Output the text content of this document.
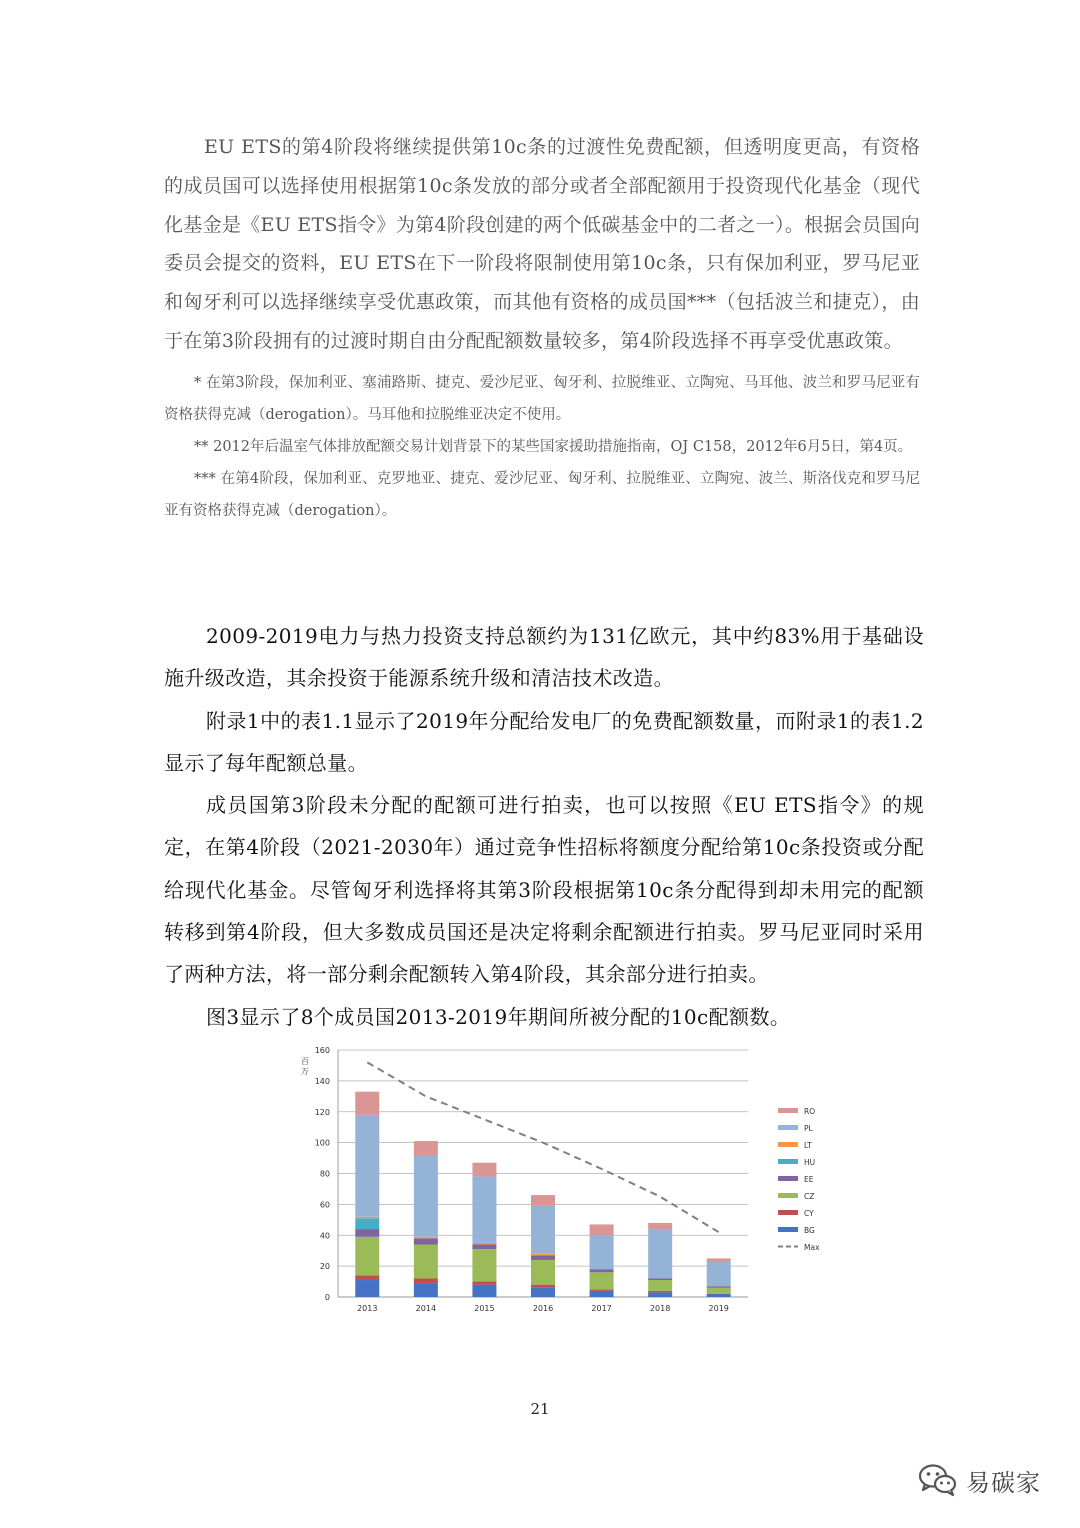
EU ETS的第4阶段将继续提供第10c条的过渡性免费配额，但透明度更高，有资格的成员国可以选择使用根据第10c条发放的部分或者全部配额用于投资现代化基金（现代化基金是《EU ETS指令》为第4阶段创建的两个低碳基金中的二者之一）。根据会员国向委员会提交的资料，EU ETS在下一阶段将限制使用第10c条，只有保加利亚，罗马尼亚和匈牙利可以选择继续享受优惠政策，而其他有资格的成员国***（包括波兰和捷克），由于在第3阶段拥有的过渡时期自由分配配额数量较多，第4阶段选择不再享受优惠政策。

* 在第3阶段，保加利亚、塞浦路斯、捷克、爱沙尼亚、匈牙利、拉脱维亚、立陶宛、马耳他、波兰和罗马尼亚有资格获得克减（derogation）。马耳他和拉脱维亚决定不使用。

** 2012年后温室气体排放配额交易计划背景下的某些国家援助措施指南，OJ C158，2012年6月5日，第4页。

*** 在第4阶段，保加利亚、克罗地亚、捷克、爱沙尼亚、匈牙利、拉脱维亚、立陶宛、波兰、斯洛伐克和罗马尼亚有资格获得克减（derogation）。

2009-2019电力与热力投资支持总额约为131亿欧元，其中约83%用于基础设施升级改造，其余投资于能源系统升级和清洁技术改造。

附录1中的表1.1显示了2019年分配给发电厂的免费配额数量，而附录1的表1.2显示了每年配额总量。

成员国第3阶段未分配的配额可进行拍卖，也可以按照《EU ETS指令》的规定，在第4阶段（2021-2030年）通过竞争性招标将额度分配给第10c条投资或分配给现代化基金。尽管匈牙利选择将其第3阶段根据第10c条分配得到却未用完的配额转移到第4阶段，但大多数成员国还是决定将剩余配额进行拍卖。罗马尼亚同时采用了两种方法，将一部分剩余配额转入第4阶段，其余部分进行拍卖。

图3显示了8个成员国2013-2019年期间所被分配的10c配额数。

0
20
40
60
80
100
120
140
160
百
万
2013	2014	2015	2016	2017	2018	2019
RO
PL
LT
HU
EE
CZ
CY
BG
Max
21
易碳家
